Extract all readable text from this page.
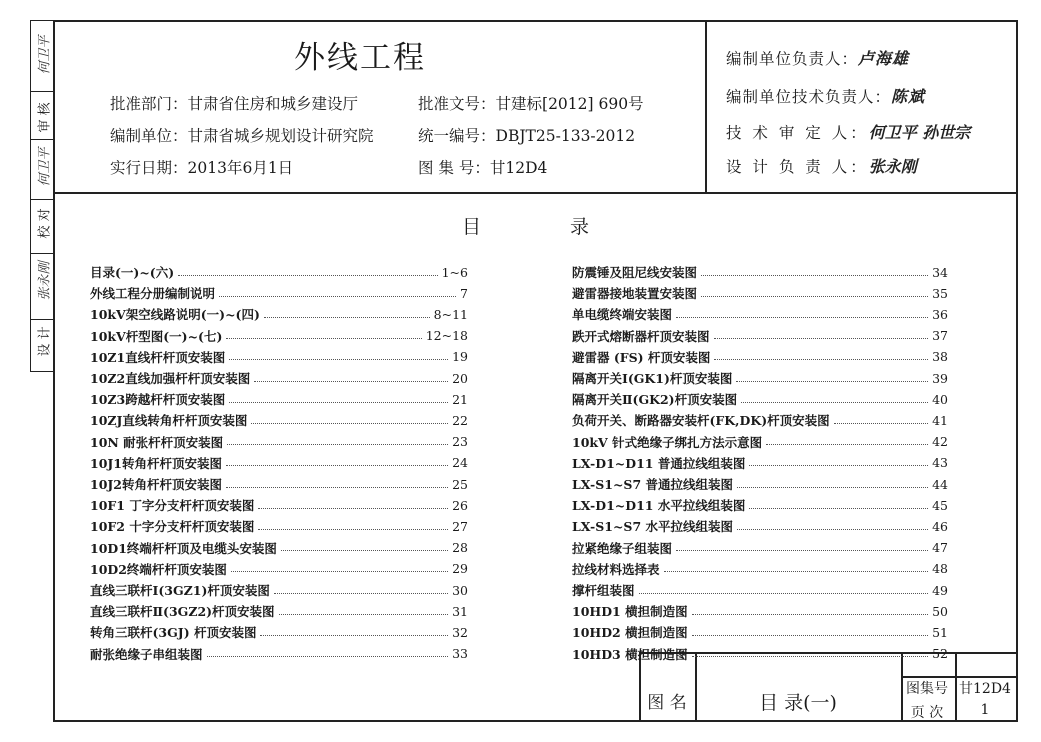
何卫平
审 核
何卫平
校 对
张永刚
设 计
外线工程
批准部门：甘肃省住房和城乡建设厅
编制单位：甘肃省城乡规划设计研究院
实行日期：2013年6月1日
批准文号：甘建标[2012] 690号
统一编号：DBJT25-133-2012
图 集 号：甘12D4
编制单位负责人：卢海雄
编制单位技术负责人：陈斌
技 术 审 定 人：何卫平 孙世宗
设 计 负 责 人：张永刚
目	录
目录(一)~(六)	1~6
外线工程分册编制说明	7
10kV架空线路说明(一)~(四)	8~11
10kV杆型图(一)~(七)	12~18
10Z1直线杆杆顶安装图	19
10Z2直线加强杆杆顶安装图	20
10Z3跨越杆杆顶安装图	21
10ZJ直线转角杆杆顶安装图	22
10N 耐张杆杆顶安装图	23
10J1转角杆杆顶安装图	24
10J2转角杆杆顶安装图	25
10F1 丁字分支杆杆顶安装图	26
10F2 十字分支杆杆顶安装图	27
10D1终端杆杆顶及电缆头安装图	28
10D2终端杆杆顶安装图	29
直线三联杆Ⅰ(3GZ1)杆顶安装图	30
直线三联杆Ⅱ(3GZ2)杆顶安装图	31
转角三联杆(3GJ) 杆顶安装图	32
耐张绝缘子串组装图	33
防震锤及阻尼线安装图	34
避雷器接地装置安装图	35
单电缆终端安装图	36
跌开式熔断器杆顶安装图	37
避雷器 (FS) 杆顶安装图	38
隔离开关Ⅰ(GK1)杆顶安装图	39
隔离开关Ⅱ(GK2)杆顶安装图	40
负荷开关、断路器安装杆(FK,DK)杆顶安装图	41
10kV 针式绝缘子绑扎方法示意图	42
LX-D1~D11 普通拉线组装图	43
LX-S1~S7 普通拉线组装图	44
LX-D1~D11 水平拉线组装图	45
LX-S1~S7 水平拉线组装图	46
拉紧绝缘子组装图	47
拉线材料选择表	48
撑杆组装图	49
10HD1 横担制造图	50
10HD2 横担制造图	51
10HD3 横担制造图	52
图 名	目 录(一)
图集号 甘12D4
页 次	1
